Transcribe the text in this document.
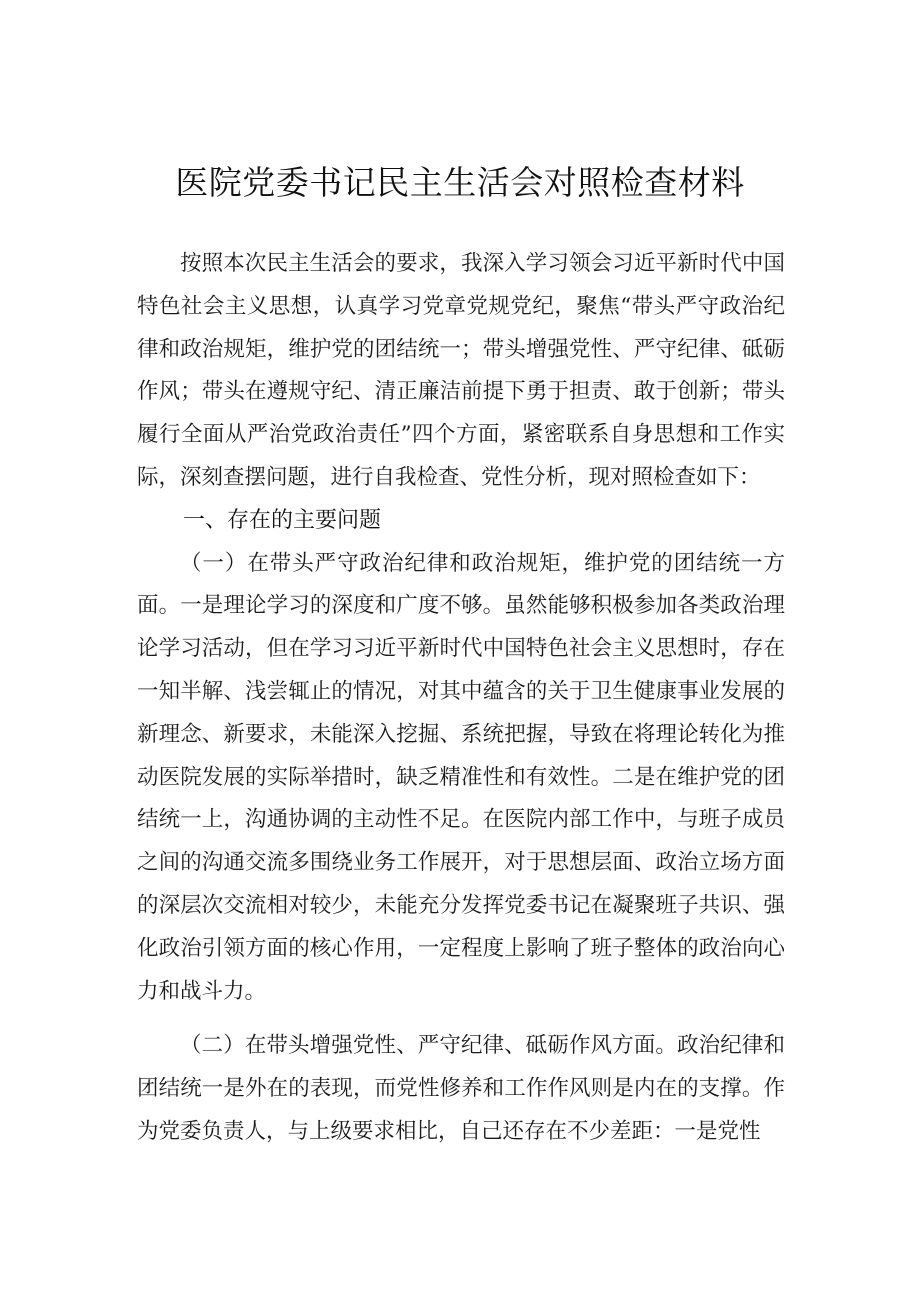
医院党委书记民主生活会对照检查材料

按照本次民主生活会的要求，我深入学习领会习近平新时代中国特色社会主义思想，认真学习党章党规党纪，聚焦“带头严守政治纪律和政治规矩，维护党的团结统一；带头增强党性、严守纪律、砥砺作风；带头在遵规守纪、清正廉洁前提下勇于担责、敢于创新；带头履行全面从严治党政治责任”四个方面，紧密联系自身思想和工作实际，深刻查摆问题，进行自我检查、党性分析，现对照检查如下：

一、存在的主要问题

（一）在带头严守政治纪律和政治规矩，维护党的团结统一方面。一是理论学习的深度和广度不够。虽然能够积极参加各类政治理论学习活动，但在学习习近平新时代中国特色社会主义思想时，存在一知半解、浅尝辄止的情况，对其中蕴含的关于卫生健康事业发展的新理念、新要求，未能深入挖掘、系统把握，导致在将理论转化为推动医院发展的实际举措时，缺乏精准性和有效性。二是在维护党的团结统一上，沟通协调的主动性不足。在医院内部工作中，与班子成员之间的沟通交流多围绕业务工作展开，对于思想层面、政治立场方面的深层次交流相对较少，未能充分发挥党委书记在凝聚班子共识、强化政治引领方面的核心作用，一定程度上影响了班子整体的政治向心力和战斗力。

（二）在带头增强党性、严守纪律、砥砺作风方面。政治纪律和团结统一是外在的表现，而党性修养和工作作风则是内在的支撑。作为党委负责人，与上级要求相比，自己还存在不少差距：一是党性
